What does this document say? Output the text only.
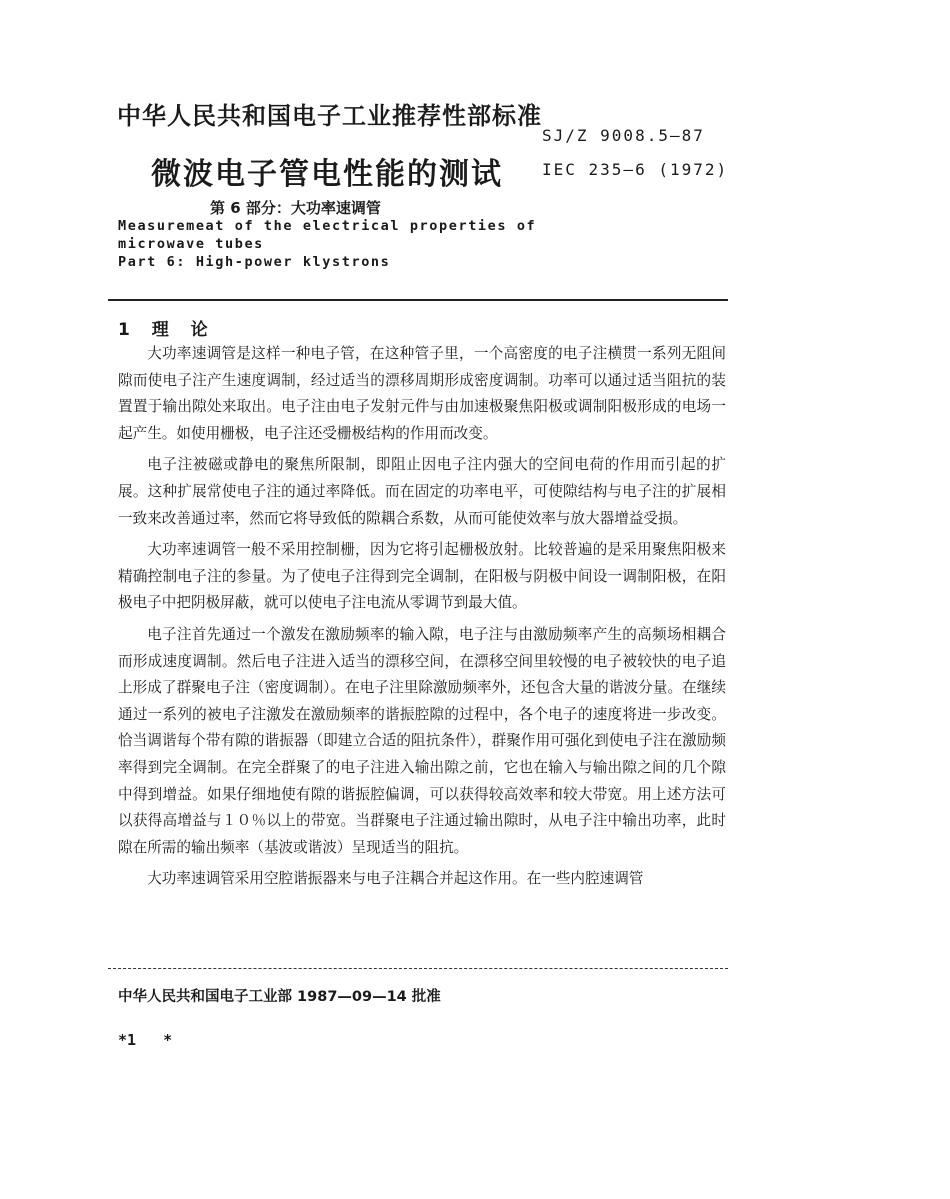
中华人民共和国电子工业推荐性部标准
SJ/Z 9008.5—87
微波电子管电性能的测试 IEC 235—6 (1972)
第 6 部分：大功率速调管
Measuremeat of the electrical properties of
microwave tubes
Part 6: High-power klystrons
1 理 论

大功率速调管是这样一种电子管，在这种管子里，一个高密度的电子注横贯一系列无阻间隙而使电子注产生速度调制，经过适当的漂移周期形成密度调制。功率可以通过适当阻抗的装置置于输出隙处来取出。电子注由电子发射元件与由加速极聚焦阳极或调制阳极形成的电场一起产生。如使用栅极，电子注还受栅极结构的作用而改变。

电子注被磁或静电的聚焦所限制，即阻止因电子注内强大的空间电荷的作用而引起的扩展。这种扩展常使电子注的通过率降低。而在固定的功率电平，可使隙结构与电子注的扩展相一致来改善通过率，然而它将导致低的隙耦合系数，从而可能使效率与放大器增益受损。

大功率速调管一般不采用控制栅，因为它将引起栅极放射。比较普遍的是采用聚焦阳极来精确控制电子注的参量。为了使电子注得到完全调制，在阳极与阴极中间设一调制阳极，在阳极电子中把阴极屏蔽，就可以使电子注电流从零调节到最大值。

电子注首先通过一个激发在激励频率的输入隙，电子注与由激励频率产生的高频场相耦合而形成速度调制。然后电子注进入适当的漂移空间，在漂移空间里较慢的电子被较快的电子追上形成了群聚电子注（密度调制）。在电子注里除激励频率外，还包含大量的谐波分量。在继续通过一系列的被电子注激发在激励频率的谐振腔隙的过程中，各个电子的速度将进一步改变。恰当调谐每个带有隙的谐振器（即建立合适的阻抗条件），群聚作用可强化到使电子注在激励频率得到完全调制。在完全群聚了的电子注进入输出隙之前，它也在输入与输出隙之间的几个隙中得到增益。如果仔细地使有隙的谐振腔偏调，可以获得较高效率和较大带宽。用上述方法可以获得高增益与１０％以上的带宽。当群聚电子注通过输出隙时，从电子注中输出功率，此时隙在所需的输出频率（基波或谐波）呈现适当的阻抗。

大功率速调管采用空腔谐振器来与电子注耦合并起这作用。在一些内腔速调管

中华人民共和国电子工业部 1987—09—14 批准
*1   *
